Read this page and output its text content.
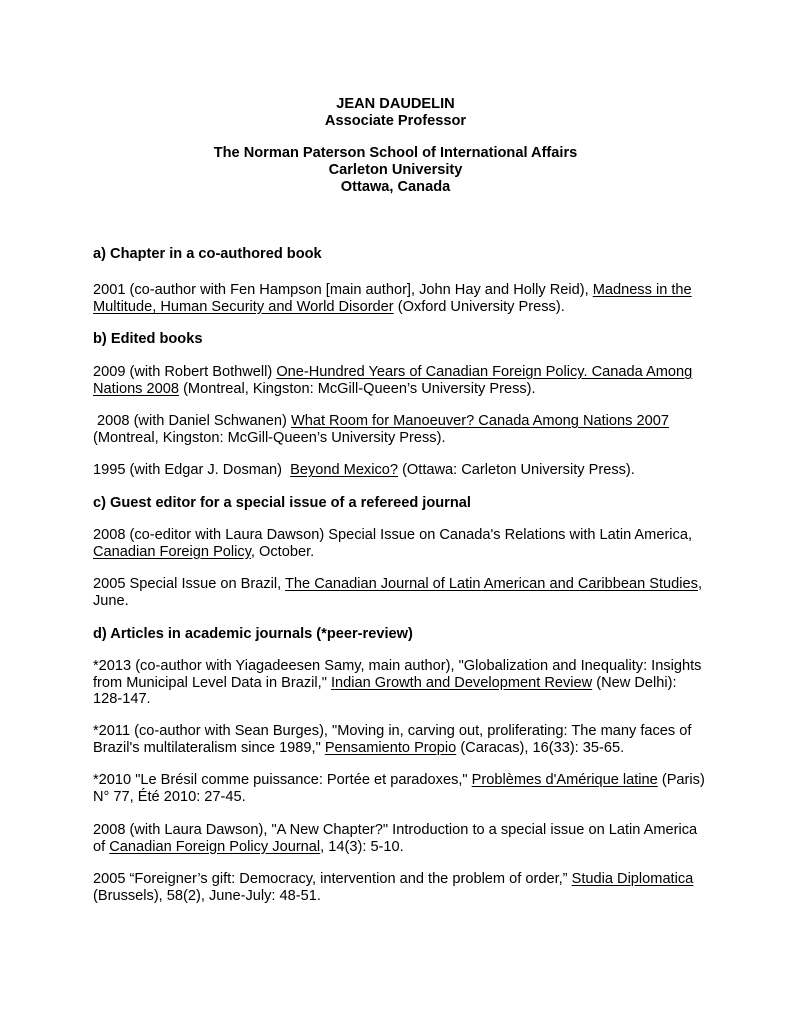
JEAN DAUDELIN
Associate Professor
The Norman Paterson School of International Affairs
Carleton University
Ottawa, Canada
a) Chapter in a co-authored book
2001 (co-author with Fen Hampson [main author], John Hay and Holly Reid), Madness in the
Multitude, Human Security and World Disorder (Oxford University Press).
b) Edited books
2009 (with Robert Bothwell) One-Hundred Years of Canadian Foreign Policy. Canada Among
Nations 2008 (Montreal, Kingston: McGill-Queen’s University Press).
2008 (with Daniel Schwanen) What Room for Manoeuver? Canada Among Nations 2007
(Montreal, Kingston: McGill-Queen’s University Press).
1995 (with Edgar J. Dosman)  Beyond Mexico? (Ottawa: Carleton University Press).
c) Guest editor for a special issue of a refereed journal
2008 (co-editor with Laura Dawson) Special Issue on Canada's Relations with Latin America,
Canadian Foreign Policy, October.
2005 Special Issue on Brazil, The Canadian Journal of Latin American and Caribbean Studies,
June.
d) Articles in academic journals (*peer-review)
*2013 (co-author with Yiagadeesen Samy, main author), "Globalization and Inequality: Insights
from Municipal Level Data in Brazil," Indian Growth and Development Review (New Delhi):
128-147.
*2011 (co-author with Sean Burges), "Moving in, carving out, proliferating: The many faces of
Brazil's multilateralism since 1989," Pensamiento Propio (Caracas), 16(33): 35-65.
*2010 "Le Brésil comme puissance: Portée et paradoxes," Problèmes d'Amérique latine (Paris)
N° 77, Été 2010: 27-45.
2008 (with Laura Dawson), "A New Chapter?" Introduction to a special issue on Latin America
of Canadian Foreign Policy Journal, 14(3): 5-10.
2005 “Foreigner’s gift: Democracy, intervention and the problem of order,” Studia Diplomatica
(Brussels), 58(2), June-July: 48-51.
